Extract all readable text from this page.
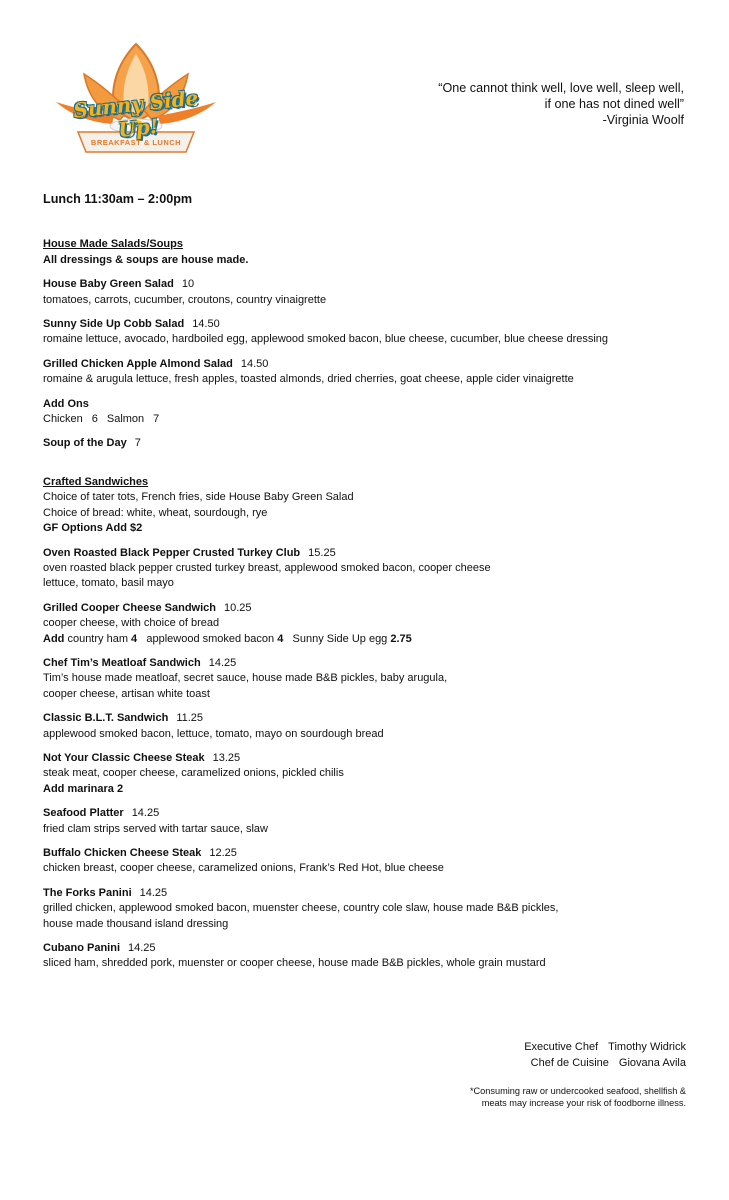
Sunny Side Up!
BREAKFAST & LUNCH
“One cannot think well, love well, sleep well,
if one has not dined well”
-Virginia Woolf
Lunch 11:30am – 2:00pm
House Made Salads/Soups
All dressings & soups are house made.
House Baby Green Salad 10
tomatoes, carrots, cucumber, croutons, country vinaigrette
Sunny Side Up Cobb Salad 14.50
romaine lettuce, avocado, hardboiled egg, applewood smoked bacon, blue cheese, cucumber, blue cheese dressing
Grilled Chicken Apple Almond Salad 14.50
romaine & arugula lettuce, fresh apples, toasted almonds, dried cherries, goat cheese, apple cider vinaigrette
Add Ons
Chicken 6 Salmon 7
Soup of the Day 7
Crafted Sandwiches
Choice of tater tots, French fries, side House Baby Green Salad
Choice of bread: white, wheat, sourdough, rye
GF Options Add $2
Oven Roasted Black Pepper Crusted Turkey Club 15.25
oven roasted black pepper crusted turkey breast, applewood smoked bacon, cooper cheese
lettuce, tomato, basil mayo
Grilled Cooper Cheese Sandwich 10.25
cooper cheese, with choice of bread
Add country ham 4 applewood smoked bacon 4 Sunny Side Up egg 2.75
Chef Tim’s Meatloaf Sandwich 14.25
Tim’s house made meatloaf, secret sauce, house made B&B pickles, baby arugula,
cooper cheese, artisan white toast
Classic B.L.T. Sandwich 11.25
applewood smoked bacon, lettuce, tomato, mayo on sourdough bread
Not Your Classic Cheese Steak 13.25
steak meat, cooper cheese, caramelized onions, pickled chilis
Add marinara 2
Seafood Platter 14.25
fried clam strips served with tartar sauce, slaw
Buffalo Chicken Cheese Steak 12.25
chicken breast, cooper cheese, caramelized onions, Frank’s Red Hot, blue cheese
The Forks Panini 14.25
grilled chicken, applewood smoked bacon, muenster cheese, country cole slaw, house made B&B pickles,
house made thousand island dressing
Cubano Panini 14.25
sliced ham, shredded pork, muenster or cooper cheese, house made B&B pickles, whole grain mustard
Executive Chef Timothy Widrick
Chef de Cuisine Giovana Avila
*Consuming raw or undercooked seafood, shellfish &
meats may increase your risk of foodborne illness.
